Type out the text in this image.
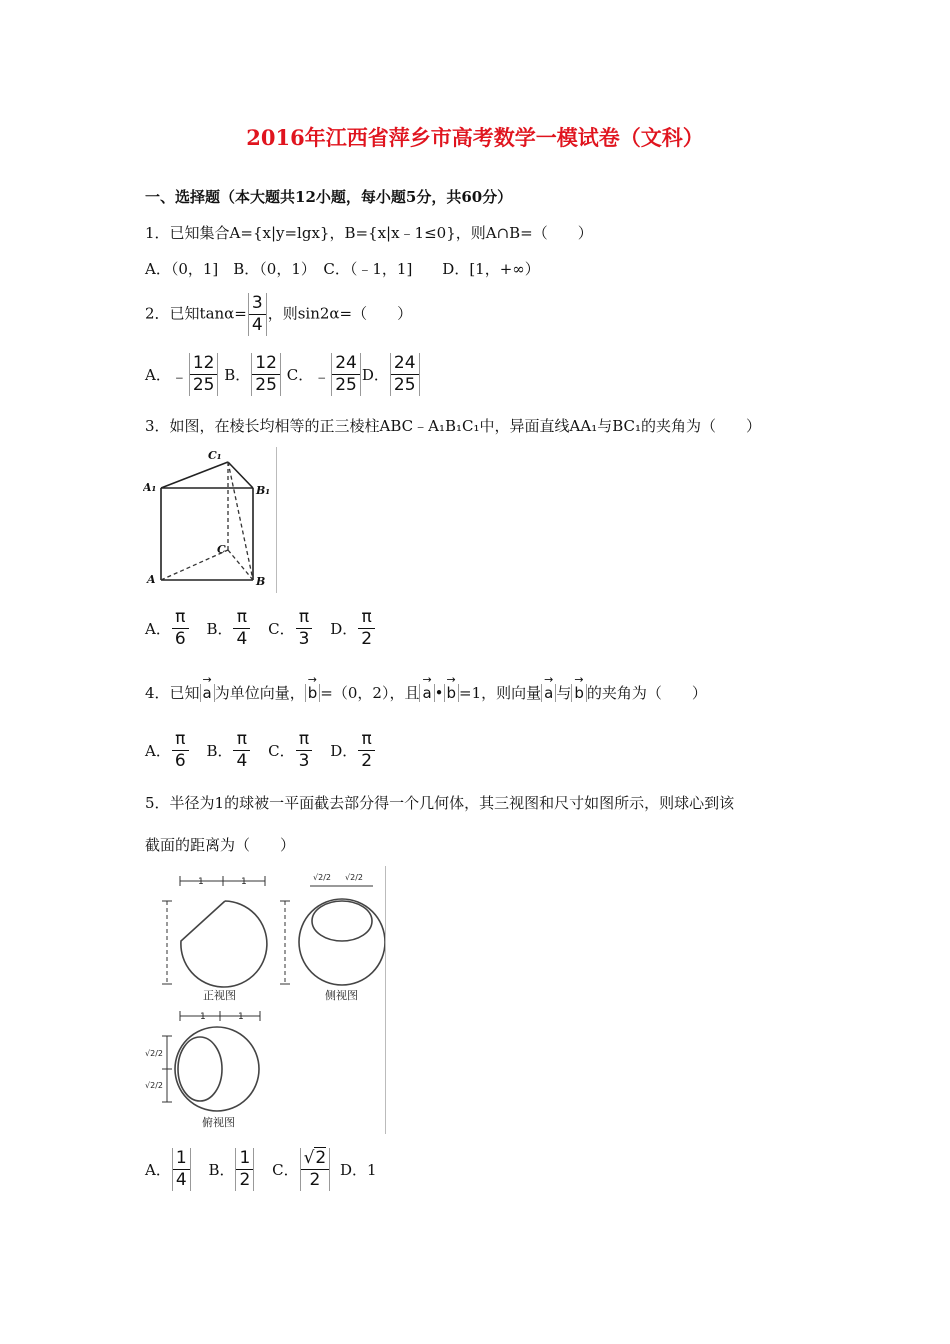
2016年江西省萍乡市高考数学一模试卷（文科）
一、选择题（本大题共12小题，每小题5分，共60分）
1．已知集合A={x|y=lgx}，B={x|x﹣1≤0}，则A∩B=（　　）
A．（0，1]　B．（0，1）　C．（﹣1，1]　　D．[1，+∞）
2．已知$\tan\alpha= \frac{3}{4}$ ，则sin2α=（　　）
A．﹣ $\frac{12}{25}$ B． $\frac{12}{25}$ C．﹣ $\frac{24}{25}$ D． $\frac{24}{25}$
3．如图，在棱长均相等的正三棱柱ABC﹣A₁B₁C₁中，异面直线AA₁与BC₁的夹角为（　　）
C₁
A₁	B₁
C
A	B
A． $\frac{\pi}{6}$ B． $\frac{\pi}{4}$ C． $\frac{\pi}{3}$ D． $\frac{\pi}{2}$
4．已知 → a 为单位向量， → b =（0，2），且 → a • → b =1，则向量 → a 与 → b 的夹角为（　　）
A． $\frac{\pi}{6}$ B． $\frac{\pi}{4}$ C． $\frac{\pi}{3}$ D． $\frac{\pi}{2}$
5．半径为1的球被一平面截去部分得一个几何体，其三视图和尺寸如图所示，则球心到该
截面的距离为（　　）
1	1
1	1
√2/2 √2/2
√2/2
√2/2
正视图	侧视图
俯视图
A． $\frac{1}{4}$ B． $\frac{1}{2}$ C． $\frac{√2}{2}$ D．1
